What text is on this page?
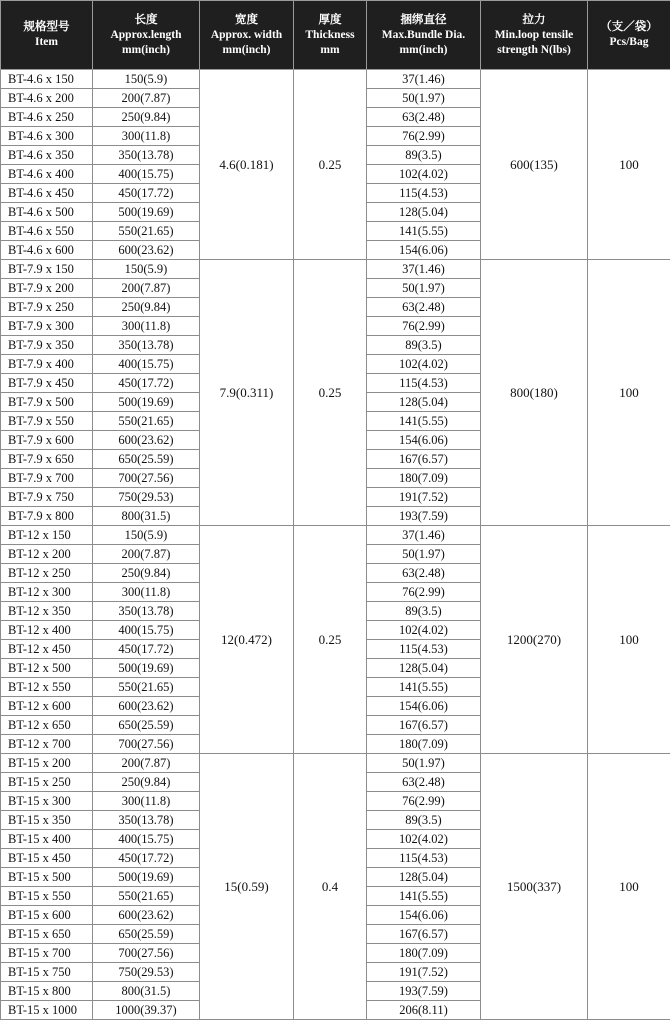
规格型号
Item	长度
Approx.length
mm(inch)	宽度
Approx. width
mm(inch)	厚度
Thickness
mm	捆绑直径
Max.Bundle Dia.
mm(inch)	拉力
Min.loop tensile
strength N(lbs)	（支／袋）
Pcs/Bag
BT-4.6 x 150	150(5.9)	4.6(0.181)	0.25	37(1.46)	600(135)	100
BT-4.6 x 200	200(7.87)			50(1.97)		
BT-4.6 x 250	250(9.84)			63(2.48)		
BT-4.6 x 300	300(11.8)			76(2.99)		
BT-4.6 x 350	350(13.78)			89(3.5)		
BT-4.6 x 400	400(15.75)			102(4.02)		
BT-4.6 x 450	450(17.72)			115(4.53)		
BT-4.6 x 500	500(19.69)			128(5.04)		
BT-4.6 x 550	550(21.65)			141(5.55)		
BT-4.6 x 600	600(23.62)			154(6.06)		
BT-7.9 x 150	150(5.9)	7.9(0.311)	0.25	37(1.46)	800(180)	100
BT-7.9 x 200	200(7.87)			50(1.97)		
BT-7.9 x 250	250(9.84)			63(2.48)		
BT-7.9 x 300	300(11.8)			76(2.99)		
BT-7.9 x 350	350(13.78)			89(3.5)		
BT-7.9 x 400	400(15.75)			102(4.02)		
BT-7.9 x 450	450(17.72)			115(4.53)		
BT-7.9 x 500	500(19.69)			128(5.04)		
BT-7.9 x 550	550(21.65)			141(5.55)		
BT-7.9 x 600	600(23.62)			154(6.06)		
BT-7.9 x 650	650(25.59)			167(6.57)		
BT-7.9 x 700	700(27.56)			180(7.09)		
BT-7.9 x 750	750(29.53)			191(7.52)		
BT-7.9 x 800	800(31.5)			193(7.59)		
BT-12 x 150	150(5.9)	12(0.472)	0.25	37(1.46)	1200(270)	100
BT-12 x 200	200(7.87)			50(1.97)		
BT-12 x 250	250(9.84)			63(2.48)		
BT-12 x 300	300(11.8)			76(2.99)		
BT-12 x 350	350(13.78)			89(3.5)		
BT-12 x 400	400(15.75)			102(4.02)		
BT-12 x 450	450(17.72)			115(4.53)		
BT-12 x 500	500(19.69)			128(5.04)		
BT-12 x 550	550(21.65)			141(5.55)		
BT-12 x 600	600(23.62)			154(6.06)		
BT-12 x 650	650(25.59)			167(6.57)		
BT-12 x 700	700(27.56)			180(7.09)		
BT-15 x 200	200(7.87)	15(0.59)	0.4	50(1.97)	1500(337)	100
BT-15 x 250	250(9.84)			63(2.48)		
BT-15 x 300	300(11.8)			76(2.99)		
BT-15 x 350	350(13.78)			89(3.5)		
BT-15 x 400	400(15.75)			102(4.02)		
BT-15 x 450	450(17.72)			115(4.53)		
BT-15 x 500	500(19.69)			128(5.04)		
BT-15 x 550	550(21.65)			141(5.55)		
BT-15 x 600	600(23.62)			154(6.06)		
BT-15 x 650	650(25.59)			167(6.57)		
BT-15 x 700	700(27.56)			180(7.09)		
BT-15 x 750	750(29.53)			191(7.52)		
BT-15 x 800	800(31.5)			193(7.59)		
BT-15 x 1000	1000(39.37)			206(8.11)		
